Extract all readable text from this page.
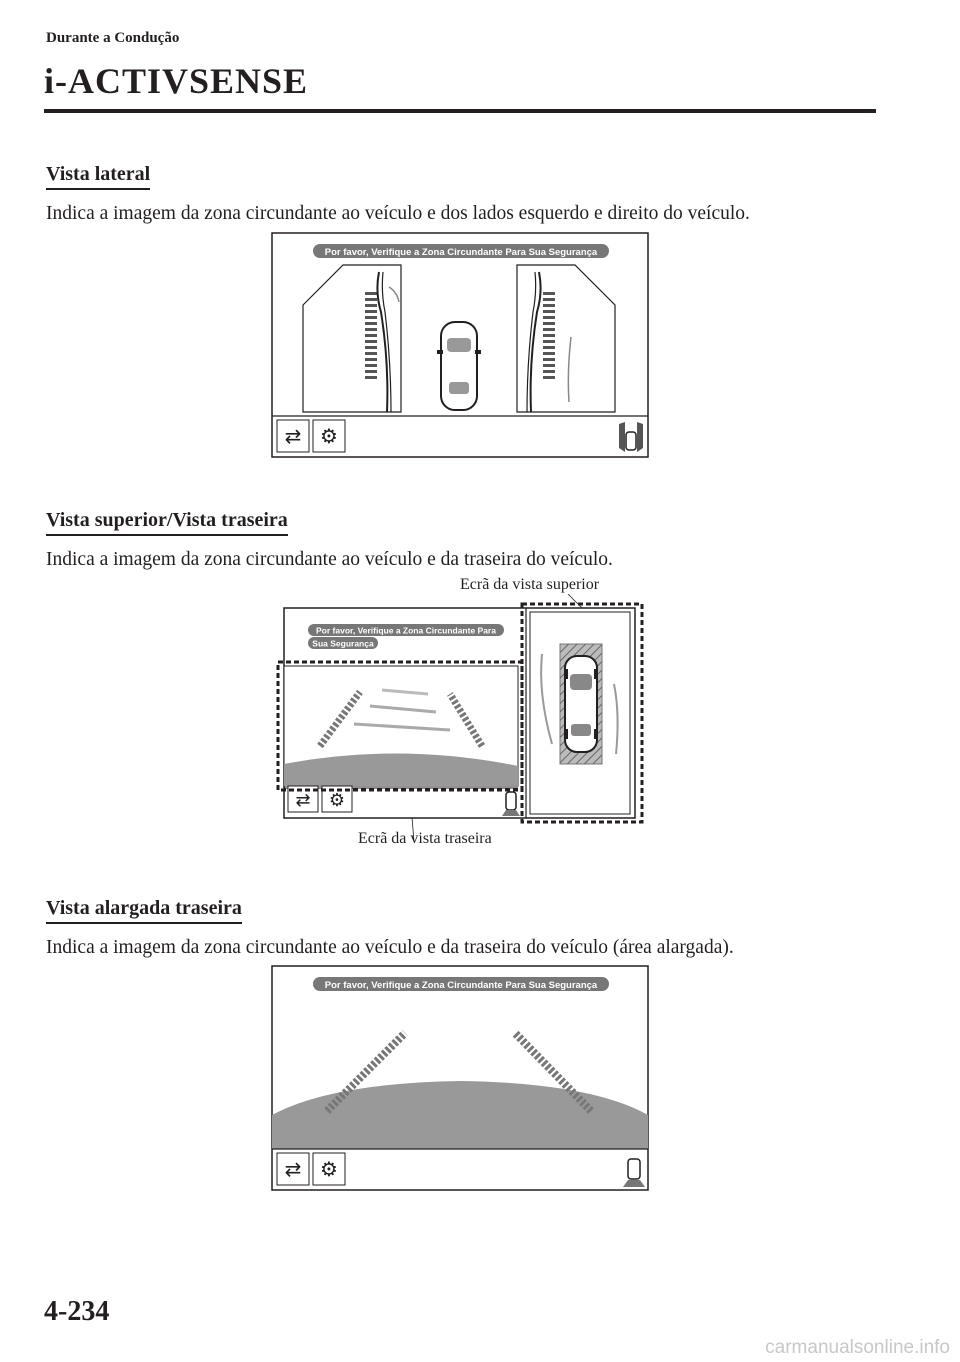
Durante a Condução
i-ACTIVSENSE
Vista lateral
Indica a imagem da zona circundante ao veículo e dos lados esquerdo e direito do veículo.
Por favor, Verifique a Zona Circundante Para Sua Segurança
⇄ ⚙
Vista superior/Vista traseira
Indica a imagem da zona circundante ao veículo e da traseira do veículo.
Ecrã da vista superior
Por favor, Verifique a Zona Circundante Para
Sua Segurança
⇄ ⚙
Ecrã da vista traseira
Vista alargada traseira
Indica a imagem da zona circundante ao veículo e da traseira do veículo (área alargada).
Por favor, Verifique a Zona Circundante Para Sua Segurança
⇄ ⚙
4-234
carmanualsonline.info
